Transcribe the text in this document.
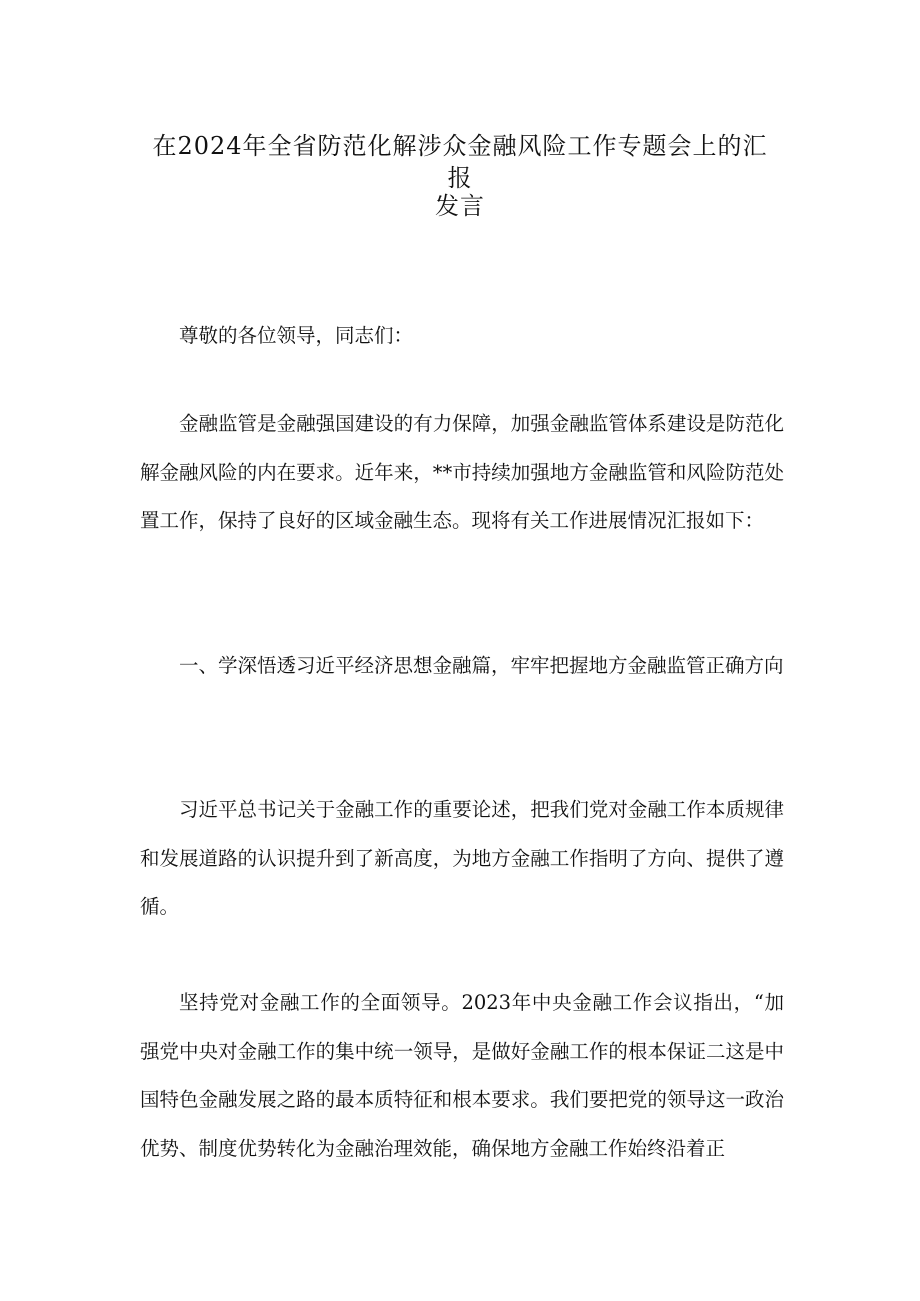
在2024年全省防范化解涉众金融风险工作专题会上的汇报
发言

尊敬的各位领导，同志们：

金融监管是金融强国建设的有力保障，加强金融监管体系建设是防范化解金融风险的内在要求。近年来，**市持续加强地方金融监管和风险防范处置工作，保持了良好的区域金融生态。现将有关工作进展情况汇报如下：

一、学深悟透习近平经济思想金融篇，牢牢把握地方金融监管正确方向

习近平总书记关于金融工作的重要论述，把我们党对金融工作本质规律和发展道路的认识提升到了新高度，为地方金融工作指明了方向、提供了遵循。

坚持党对金融工作的全面领导。2023年中央金融工作会议指出，“加强党中央对金融工作的集中统一领导，是做好金融工作的根本保证二这是中国特色金融发展之路的最本质特征和根本要求。我们要把党的领导这一政治优势、制度优势转化为金融治理效能，确保地方金融工作始终沿着正
